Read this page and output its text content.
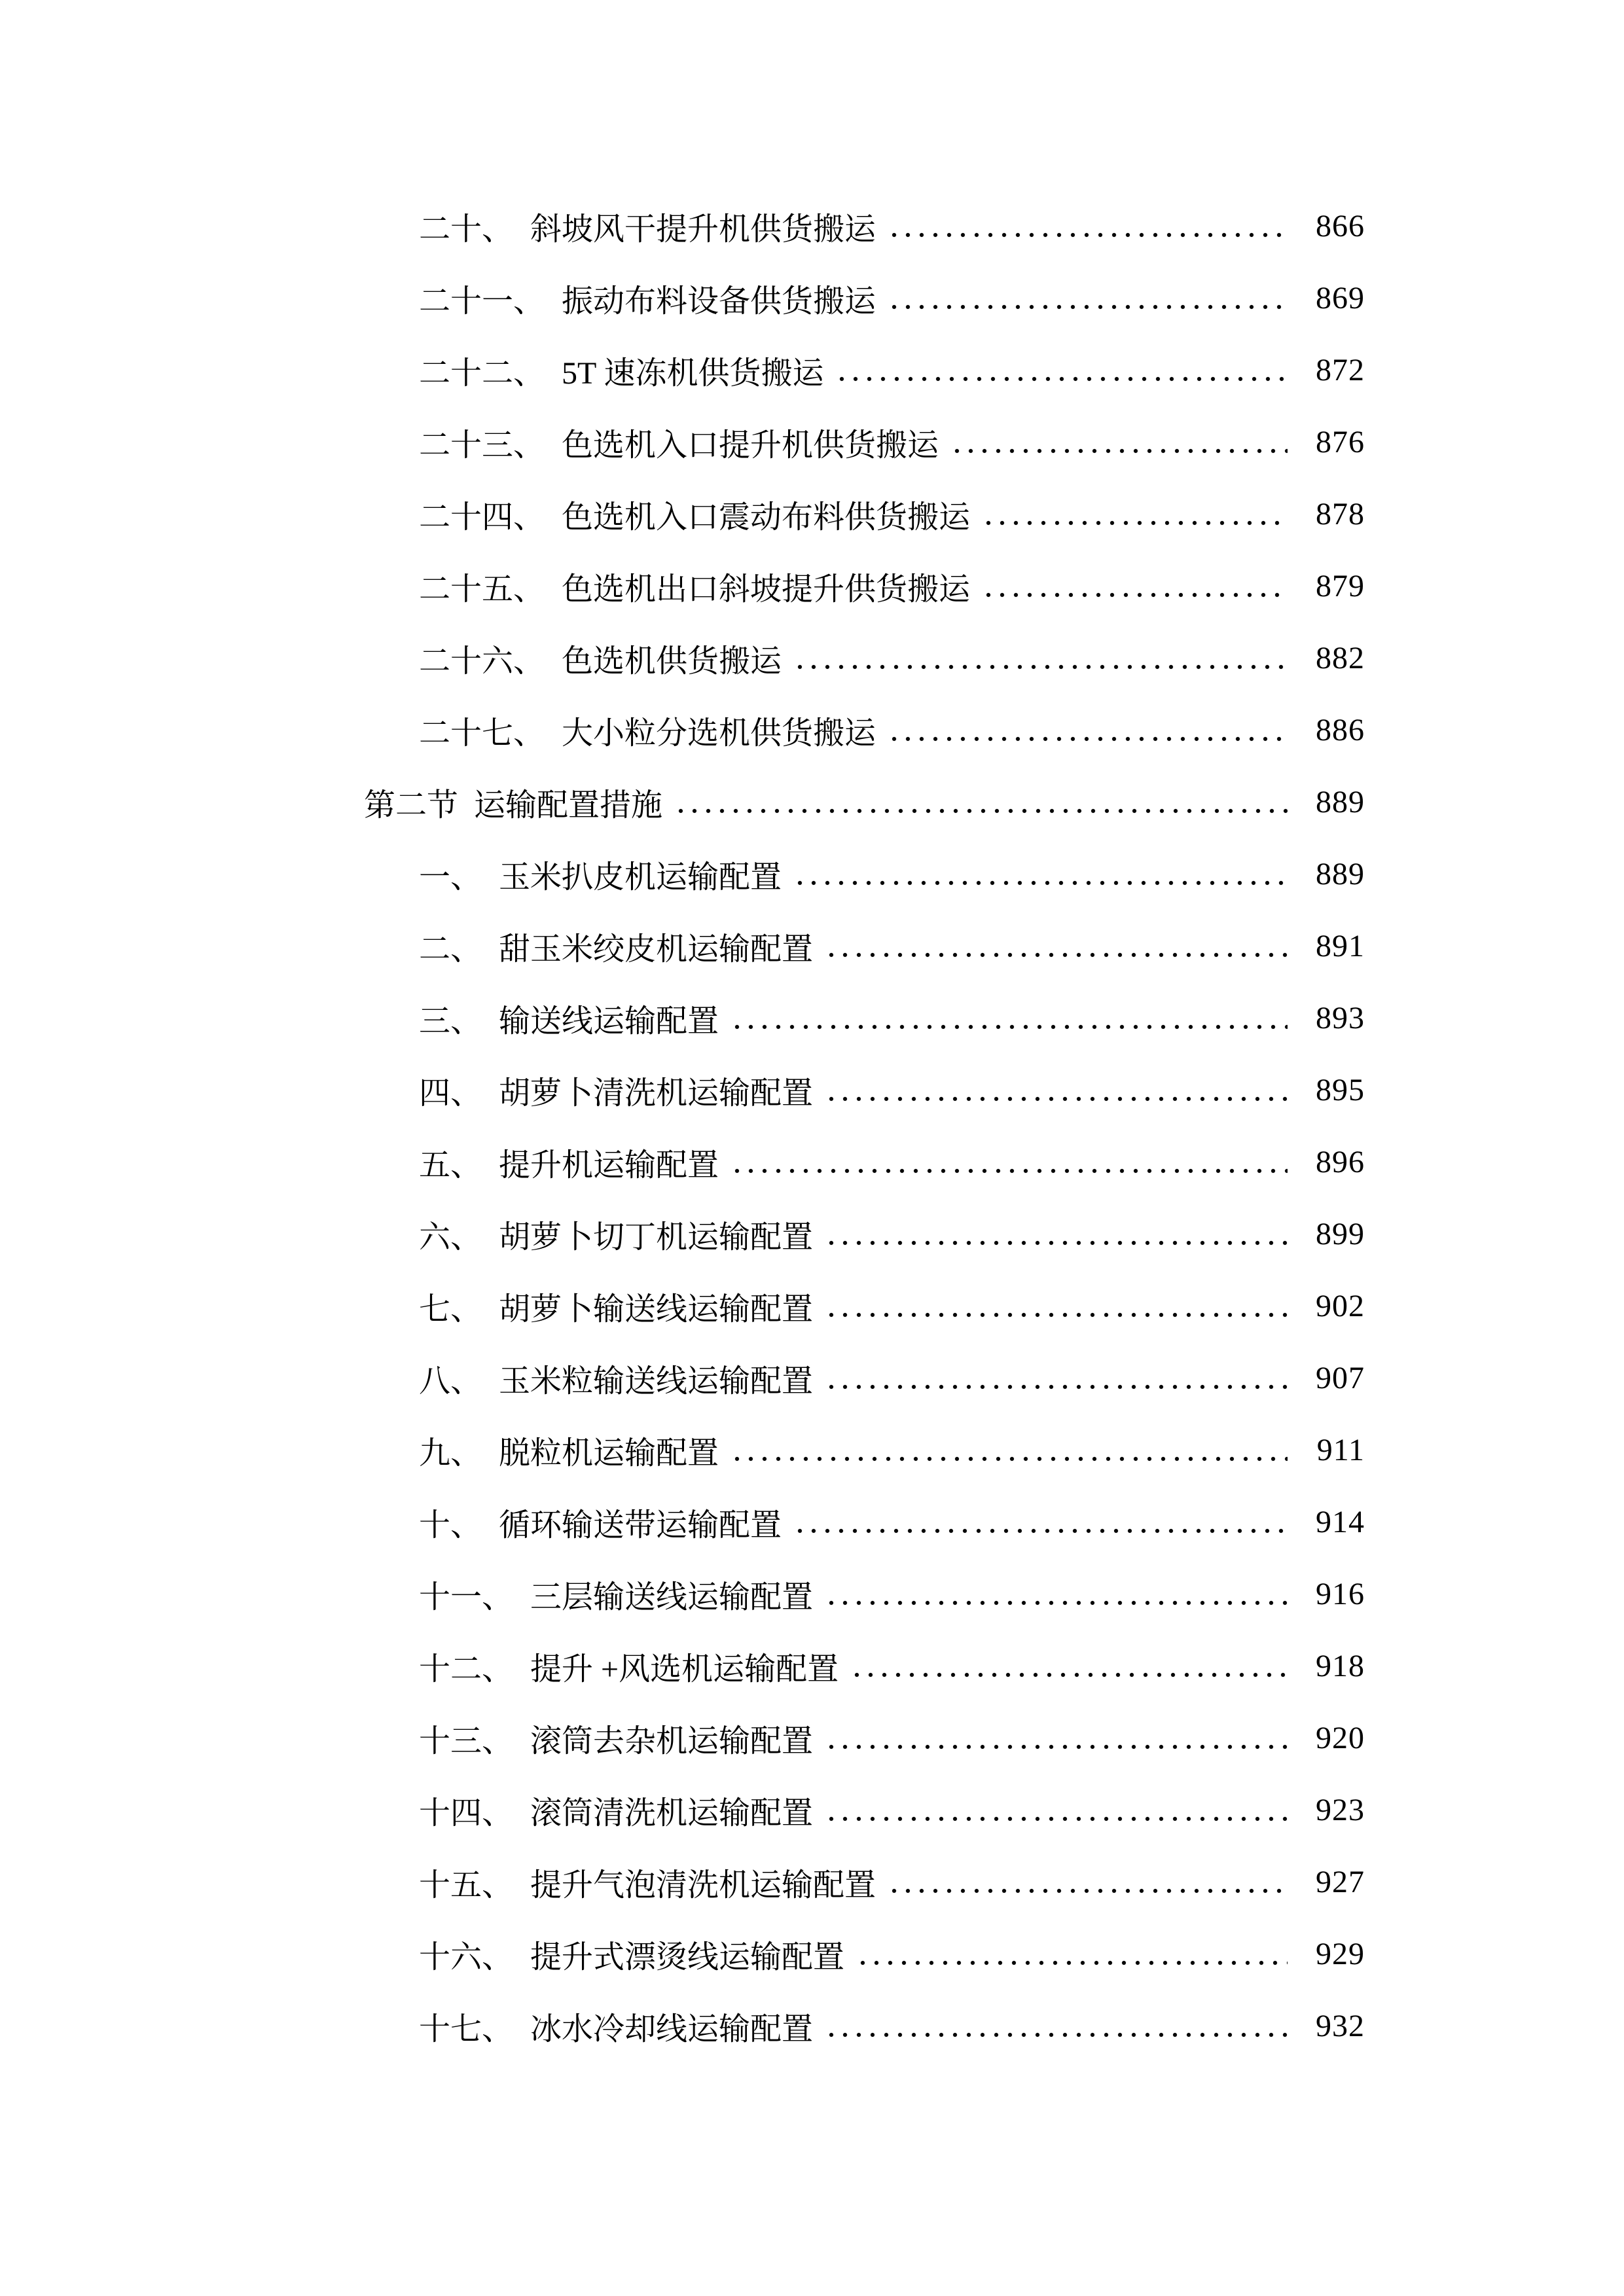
二十、 斜坡风干提升机供货搬运	866
二十一、 振动布料设备供货搬运	869
二十二、 5T 速冻机供货搬运	872
二十三、 色选机入口提升机供货搬运	876
二十四、 色选机入口震动布料供货搬运	878
二十五、 色选机出口斜坡提升供货搬运	879
二十六、 色选机供货搬运	882
二十七、 大小粒分选机供货搬运	886
第二节 运输配置措施	889
一、 玉米扒皮机运输配置	889
二、 甜玉米绞皮机运输配置	891
三、 输送线运输配置	893
四、 胡萝卜清洗机运输配置	895
五、 提升机运输配置	896
六、 胡萝卜切丁机运输配置	899
七、 胡萝卜输送线运输配置	902
八、 玉米粒输送线运输配置	907
九、 脱粒机运输配置	911
十、 循环输送带运输配置	914
十一、 三层输送线运输配置	916
十二、 提升 +风选机运输配置	918
十三、 滚筒去杂机运输配置	920
十四、 滚筒清洗机运输配置	923
十五、 提升气泡清洗机运输配置	927
十六、 提升式漂烫线运输配置	929
十七、 冰水冷却线运输配置	932
